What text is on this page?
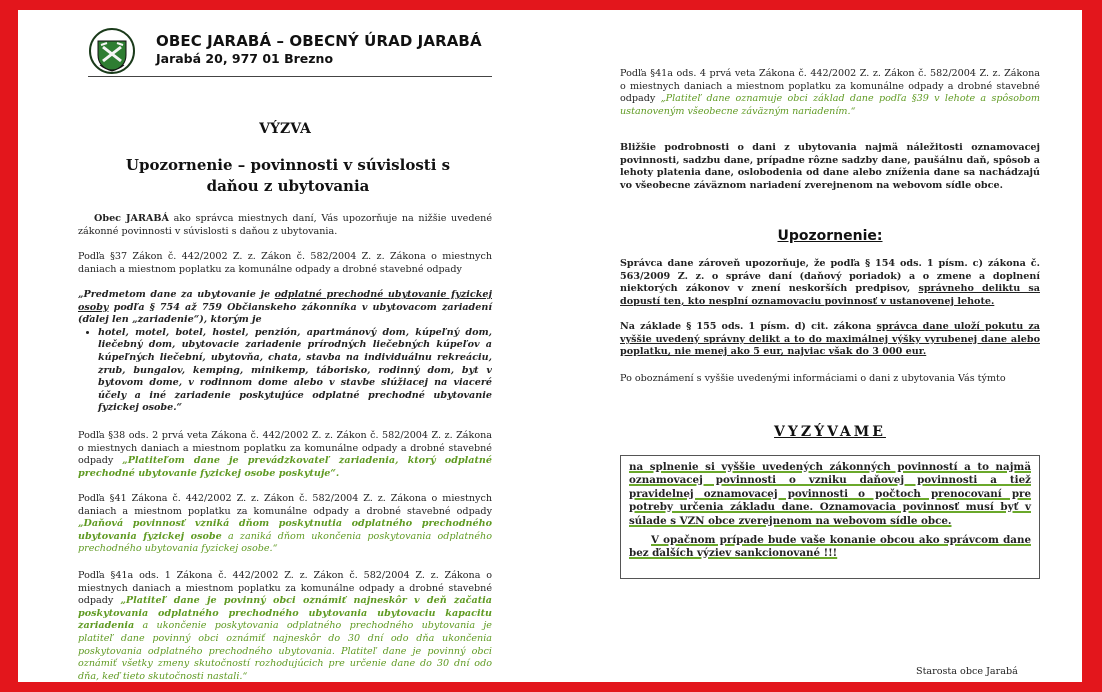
OBEC JARABÁ – OBECNÝ ÚRAD JARABÁ
Jarabá 20, 977 01 Brezno
VÝZVA
Upozornenie – povinnosti v súvislosti s daňou z ubytovania

Obec JARABÁ ako správca miestnych daní, Vás upozorňuje na nižšie uvedené zákonné povinnosti v súvislosti s daňou z ubytovania.

Podľa §37 Zákon č. 442/2002 Z. z. Zákon č. 582/2004 Z. z. Zákona o miestnych daniach a miestnom poplatku za komunálne odpady a drobné stavebné odpady

„Predmetom dane za ubytovanie je odplatné prechodné ubytovanie fyzickej osoby podľa § 754 až 759 Občianskeho zákonníka v ubytovacom zariadení (ďalej len „zariadenie“), ktorým je

• hotel, motel, botel, hostel, penzión, apartmánový dom, kúpeľný dom, liečebný dom, ubytovacie zariadenie prírodných liečebných kúpeľov a kúpeľných liečební, ubytovňa, chata, stavba na individuálnu rekreáciu, zrub, bungalov, kemping, minikemp, táborisko, rodinný dom, byt v bytovom dome, v rodinnom dome alebo v stavbe slúžiacej na viaceré účely a iné zariadenie poskytujúce odplatné prechodné ubytovanie fyzickej osobe.“

Podľa §38 ods. 2 prvá veta Zákona č. 442/2002 Z. z. Zákon č. 582/2004 Z. z. Zákona o miestnych daniach a miestnom poplatku za komunálne odpady a drobné stavebné odpady „Platiteľom dane je prevádzkovateľ zariadenia, ktorý odplatné prechodné ubytovanie fyzickej osobe poskytuje“.

Podľa §41 Zákona č. 442/2002 Z. z. Zákon č. 582/2004 Z. z. Zákona o miestnych daniach a miestnom poplatku za komunálne odpady a drobné stavebné odpady „Daňová povinnosť vzniká dňom poskytnutia odplatného prechodného ubytovania fyzickej osobe a zaniká dňom ukončenia poskytovania odplatného prechodného ubytovania fyzickej osobe.“

Podľa §41a ods. 1 Zákona č. 442/2002 Z. z. Zákon č. 582/2004 Z. z. Zákona o miestnych daniach a miestnom poplatku za komunálne odpady a drobné stavebné odpady „Platiteľ dane je povinný obci oznámiť najneskôr v deň začatia poskytovania odplatného prechodného ubytovania ubytovaciu kapacitu zariadenia a ukončenie poskytovania odplatného prechodného ubytovania je platiteľ dane povinný obci oznámiť najneskôr do 30 dní odo dňa ukončenia poskytovania odplatného prechodného ubytovania. Platiteľ dane je povinný obci oznámiť všetky zmeny skutočností rozhodujúcich pre určenie dane do 30 dní odo dňa, keď tieto skutočnosti nastali.“

Podľa §41a ods. 4 prvá veta Zákona č. 442/2002 Z. z. Zákon č. 582/2004 Z. z. Zákona o miestnych daniach a miestnom poplatku za komunálne odpady a drobné stavebné odpady „Platiteľ dane oznamuje obci základ dane podľa §39 v lehote a spôsobom ustanoveným všeobecne záväzným nariadením.“

Bližšie podrobnosti o dani z ubytovania najmä náležitosti oznamovacej povinnosti, sadzbu dane, prípadne rôzne sadzby dane, paušálnu daň, spôsob a lehoty platenia dane, oslobodenia od dane alebo zníženia dane sa nachádzajú vo všeobecne záväznom nariadení zverejnenom na webovom sídle obce.

Upozornenie:

Správca dane zároveň upozorňuje, že podľa § 154 ods. 1 písm. c) zákona č. 563/2009 Z. z. o správe daní (daňový poriadok) a o zmene a doplnení niektorých zákonov v znení neskorších predpisov, správneho deliktu sa dopustí ten, kto nesplní oznamovaciu povinnosť v ustanovenej lehote.

Na základe § 155 ods. 1 písm. d) cit. zákona správca dane uloží pokutu za vyššie uvedený správny delikt a to do maximálnej výšky vyrubenej dane alebo poplatku, nie menej ako 5 eur, najviac však do 3 000 eur.

Po oboznámení s vyššie uvedenými informáciami o dani z ubytovania Vás týmto

VYZÝVAME

na splnenie si vyššie uvedených zákonných povinností a to najmä oznamovacej povinnosti o vzniku daňovej povinnosti a tiež pravidelnej oznamovacej povinnosti o počtoch prenocovaní pre potreby určenia základu dane. Oznamovacia povinnosť musí byť v súlade s VZN obce zverejnenom na webovom sídle obce.

V opačnom prípade bude vaše konanie obcou ako správcom dane bez ďalších výziev sankcionované !!!

Starosta obce Jarabá
